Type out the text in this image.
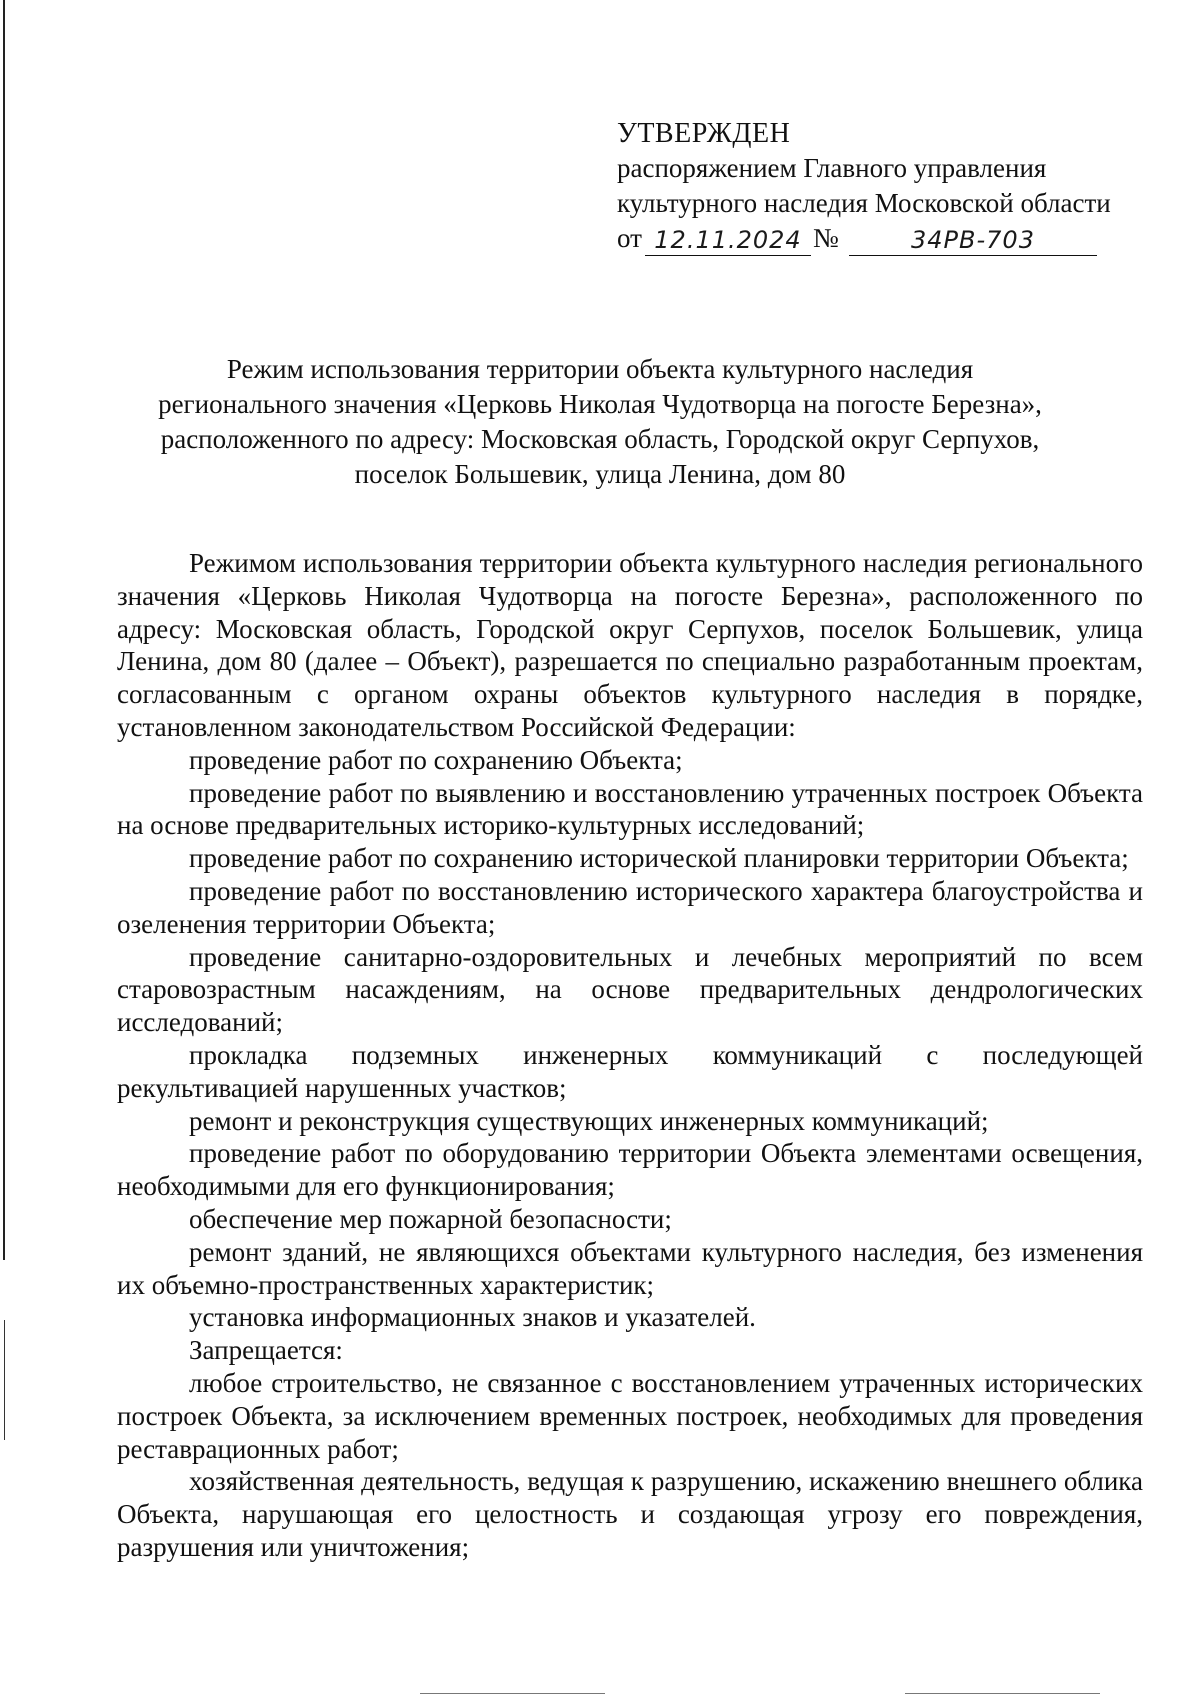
УТВЕРЖДЕН
распоряжением Главного управления
культурного наследия Московской области
от 12.11.2024 №	34РВ-703
Режим использования территории объекта культурного наследия
регионального значения «Церковь Николая Чудотворца на погосте Березна»,
расположенного по адресу: Московская область, Городской округ Серпухов,
поселок Большевик, улица Ленина, дом 80

Режимом использования территории объекта культурного наследия регионального значения «Церковь Николая Чудотворца на погосте Березна», расположенного по адресу: Московская область, Городской округ Серпухов, поселок Большевик, улица Ленина, дом 80 (далее – Объект), разрешается по специально разработанным проектам, согласованным с органом охраны объектов культурного наследия в порядке, установленном законодательством Российской Федерации:

проведение работ по сохранению Объекта;

проведение работ по выявлению и восстановлению утраченных построек Объекта на основе предварительных историко-культурных исследований;

проведение работ по сохранению исторической планировки территории Объекта;

проведение работ по восстановлению исторического характера благоустройства и озеленения территории Объекта;

проведение санитарно-оздоровительных и лечебных мероприятий по всем старовозрастным насаждениям, на основе предварительных дендрологических исследований;

прокладка подземных инженерных коммуникаций с последующей рекультивацией нарушенных участков;

ремонт и реконструкция существующих инженерных коммуникаций;

проведение работ по оборудованию территории Объекта элементами освещения, необходимыми для его функционирования;

обеспечение мер пожарной безопасности;

ремонт зданий, не являющихся объектами культурного наследия, без изменения их объемно-пространственных характеристик;

установка информационных знаков и указателей.

Запрещается:

любое строительство, не связанное с восстановлением утраченных исторических построек Объекта, за исключением временных построек, необходимых для проведения реставрационных работ;

хозяйственная деятельность, ведущая к разрушению, искажению внешнего облика Объекта, нарушающая его целостность и создающая угрозу его повреждения, разрушения или уничтожения;
